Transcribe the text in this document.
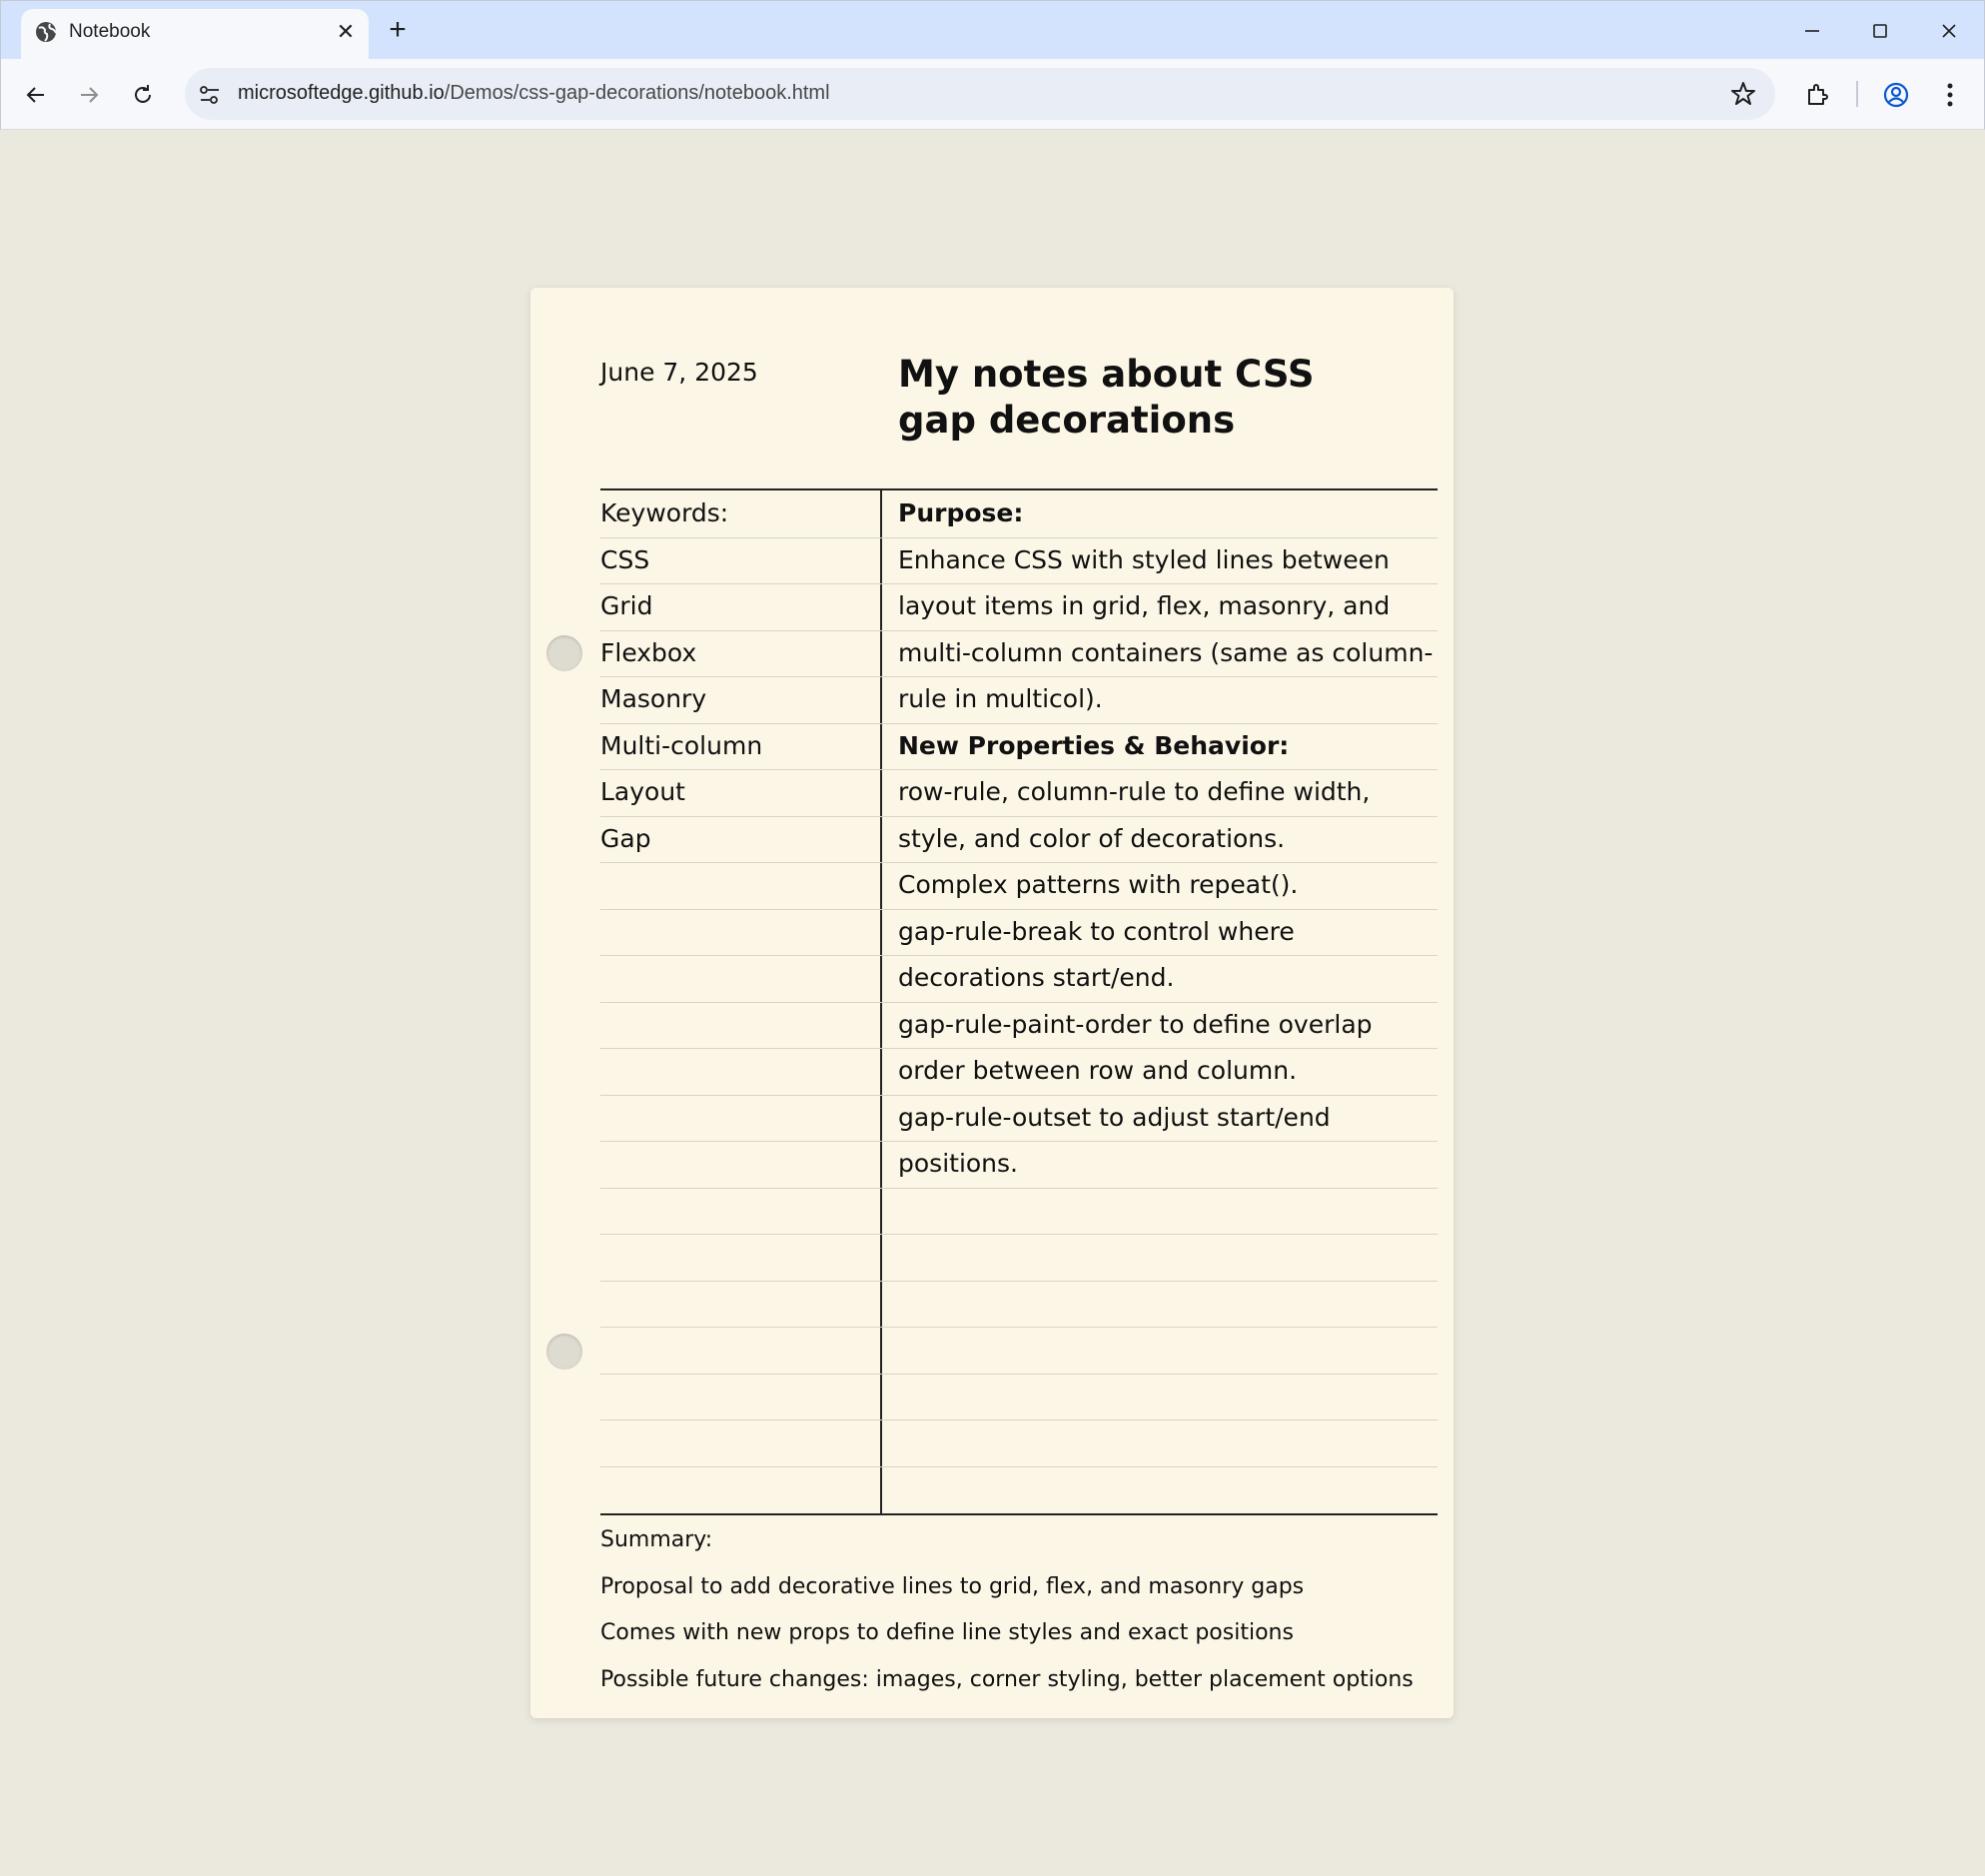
Notebook	✕ +
microsoftedge.github.io/Demos/css-gap-decorations/notebook.html
June 7, 2025	My notes about CSS gap decorations
Keywords:
CSS
Grid
Flexbox
Masonry
Multi-column
Layout
Gap
Purpose:
Enhance CSS with styled lines between
layout items in grid, flex, masonry, and
multi-column containers (same as column-
rule in multicol).
New Properties & Behavior:
row-rule, column-rule to define width,
style, and color of decorations.
Complex patterns with repeat().
gap-rule-break to control where
decorations start/end.
gap-rule-paint-order to define overlap
order between row and column.
gap-rule-outset to adjust start/end
positions.
Summary:
Proposal to add decorative lines to grid, flex, and masonry gaps
Comes with new props to define line styles and exact positions
Possible future changes: images, corner styling, better placement options
